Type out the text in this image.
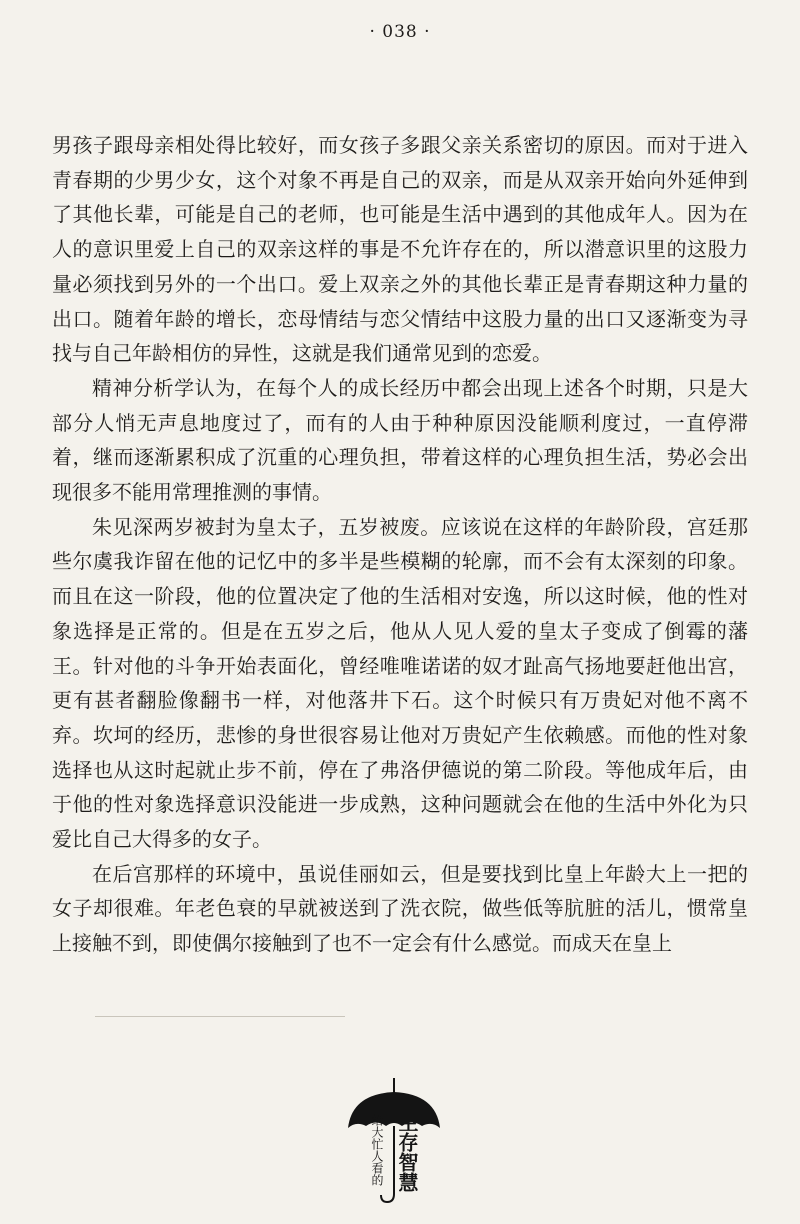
· 038 ·

男孩子跟母亲相处得比较好，而女孩子多跟父亲关系密切的原因。而对于进入青春期的少男少女，这个对象不再是自己的双亲，而是从双亲开始向外延伸到了其他长辈，可能是自己的老师，也可能是生活中遇到的其他成年人。因为在人的意识里爱上自己的双亲这样的事是不允许存在的，所以潜意识里的这股力量必须找到另外的一个出口。爱上双亲之外的其他长辈正是青春期这种力量的出口。随着年龄的增长，恋母情结与恋父情结中这股力量的出口又逐渐变为寻找与自己年龄相仿的异性，这就是我们通常见到的恋爱。

精神分析学认为，在每个人的成长经历中都会出现上述各个时期，只是大部分人悄无声息地度过了，而有的人由于种种原因没能顺利度过，一直停滞着，继而逐渐累积成了沉重的心理负担，带着这样的心理负担生活，势必会出现很多不能用常理推测的事情。

朱见深两岁被封为皇太子，五岁被废。应该说在这样的年龄阶段，宫廷那些尔虞我诈留在他的记忆中的多半是些模糊的轮廓，而不会有太深刻的印象。而且在这一阶段，他的位置决定了他的生活相对安逸，所以这时候，他的性对象选择是正常的。但是在五岁之后，他从人见人爱的皇太子变成了倒霉的藩王。针对他的斗争开始表面化，曾经唯唯诺诺的奴才趾高气扬地要赶他出宫，更有甚者翻脸像翻书一样，对他落井下石。这个时候只有万贵妃对他不离不弃。坎坷的经历，悲惨的身世很容易让他对万贵妃产生依赖感。而他的性对象选择也从这时起就止步不前，停在了弗洛伊德说的第二阶段。等他成年后，由于他的性对象选择意识没能进一步成熟，这种问题就会在他的生活中外化为只爱比自己大得多的女子。

在后宫那样的环境中，虽说佳丽如云，但是要找到比皇上年龄大上一把的女子却很难。年老色衰的早就被送到了洗衣院，做些低等肮脏的活儿，惯常皇上接触不到，即使偶尔接触到了也不一定会有什么感觉。而成天在皇上

生存智慧
给大忙人看的
